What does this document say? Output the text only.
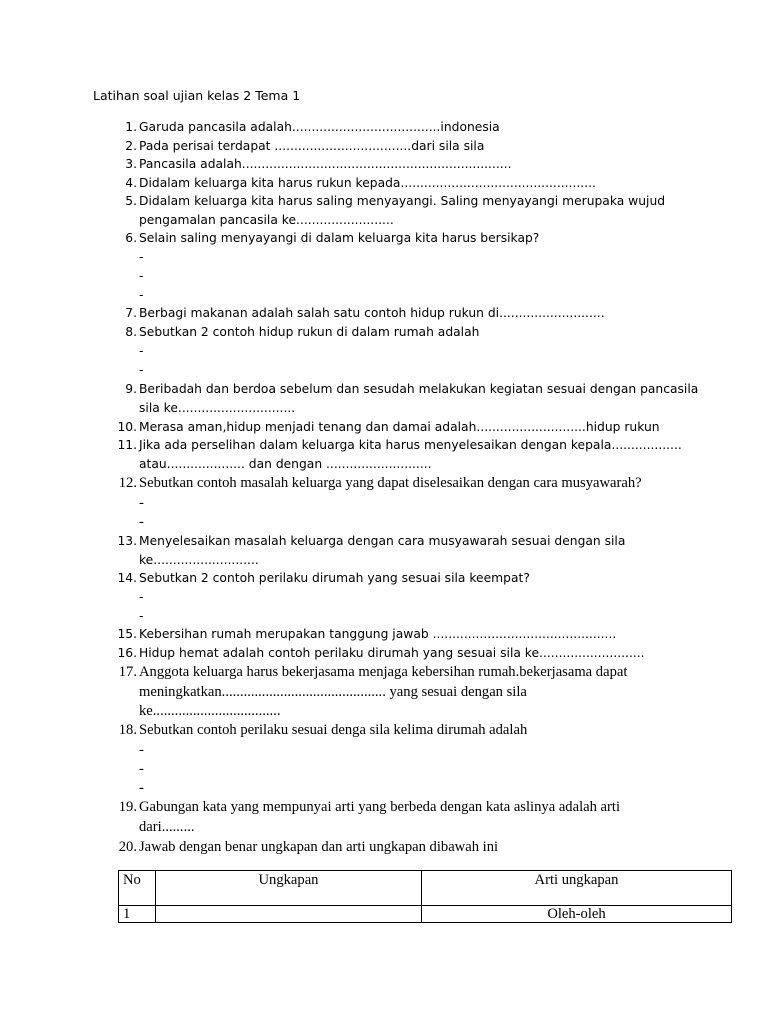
Latihan soal ujian kelas 2 Tema 1
1. Garuda pancasila adalah......................................indonesia
2. Pada perisai terdapat ...................................dari sila sila
3. Pancasila adalah.....................................................................
4. Didalam keluarga kita harus rukun kepada..................................................
5. Didalam keluarga kita harus saling menyayangi. Saling menyayangi merupaka wujud
pengamalan pancasila ke.........................
6. Selain saling menyayangi di dalam keluarga kita harus bersikap?
-
-
-
7. Berbagi makanan adalah salah satu contoh hidup rukun di...........................
8. Sebutkan 2 contoh hidup rukun di dalam rumah adalah
-
-
9. Beribadah dan berdoa sebelum dan sesudah melakukan kegiatan sesuai dengan pancasila
sila ke..............................
10. Merasa aman,hidup menjadi tenang dan damai adalah............................hidup rukun
11. Jika ada perselihan dalam keluarga kita harus menyelesaikan dengan kepala..................
atau.................... dan dengan ...........................
12. Sebutkan contoh masalah keluarga yang dapat diselesaikan dengan cara musyawarah?
-
-
13. Menyelesaikan masalah keluarga dengan cara musyawarah sesuai dengan sila
ke...........................
14. Sebutkan 2 contoh perilaku dirumah yang sesuai sila keempat?
-
-
15. Kebersihan rumah merupakan tanggung jawab ...............................................
16. Hidup hemat adalah contoh perilaku dirumah yang sesuai sila ke...........................
17. Anggota keluarga harus bekerjasama menjaga kebersihan rumah.bekerjasama dapat
meningkatkan............................................. yang sesuai dengan sila
ke...................................
18. Sebutkan contoh perilaku sesuai denga sila kelima dirumah adalah
-
-
-
19. Gabungan kata yang mempunyai arti yang berbeda dengan kata aslinya adalah arti
dari.........
20. Jawab dengan benar ungkapan dan arti ungkapan dibawah ini
No	Ungkapan	Arti ungkapan
1		Oleh-oleh
